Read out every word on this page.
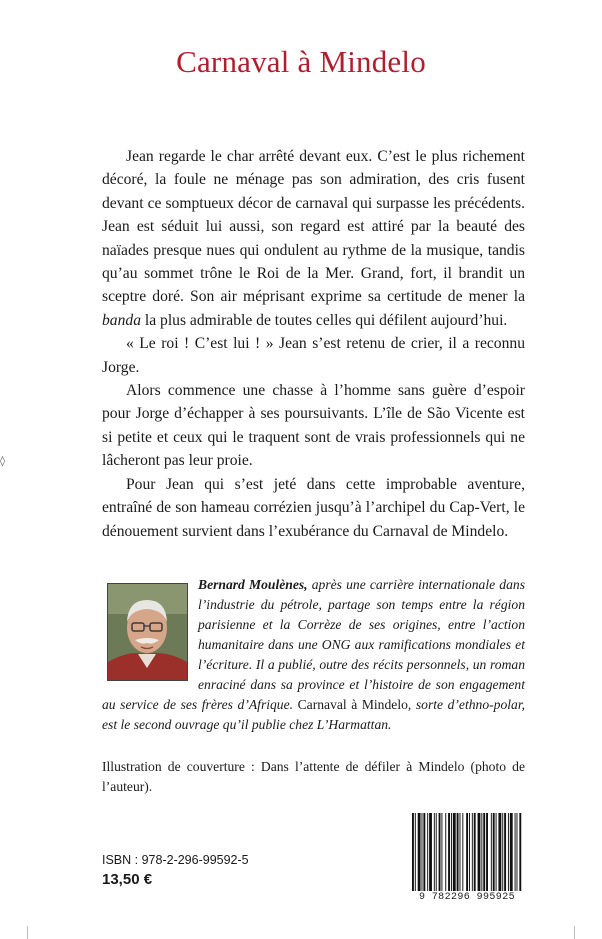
Carnaval à Mindelo

Jean regarde le char arrêté devant eux. C’est le plus richement décoré, la foule ne ménage pas son admiration, des cris fusent devant ce somptueux décor de carnaval qui surpasse les précédents. Jean est séduit lui aussi, son regard est attiré par la beauté des naïades presque nues qui ondulent au rythme de la musique, tandis qu’au sommet trône le Roi de la Mer. Grand, fort, il brandit un sceptre doré. Son air méprisant exprime sa certitude de mener la banda la plus admirable de toutes celles qui défilent aujourd’hui.

« Le roi ! C’est lui ! » Jean s’est retenu de crier, il a reconnu Jorge.

Alors commence une chasse à l’homme sans guère d’espoir pour Jorge d’échapper à ses poursuivants. L’île de São Vicente est si petite et ceux qui le traquent sont de vrais professionnels qui ne lâcheront pas leur proie.

Pour Jean qui s’est jeté dans cette improbable aventure, entraîné de son hameau corrézien jusqu’à l’archipel du Cap-Vert, le dénouement survient dans l’exubérance du Carnaval de Mindelo.

Bernard Moulènes, après une carrière internationale dans l’industrie du pétrole, partage son temps entre la région parisienne et la Corrèze de ses origines, entre l’action humanitaire dans une ONG aux ramifications mondiales et l’écriture. Il a publié, outre des récits personnels, un roman enraciné dans sa province et l’histoire de son engagement au service de ses frères d’Afrique. Carnaval à Mindelo, sorte d’ethno-polar, est le second ouvrage qu’il publie chez L’Harmattan.
Illustration de couverture : Dans l’attente de défiler à Mindelo (photo de l’auteur).
ISBN : 978-2-296-99592-5
13,50 €
9 782296 995925
◊
